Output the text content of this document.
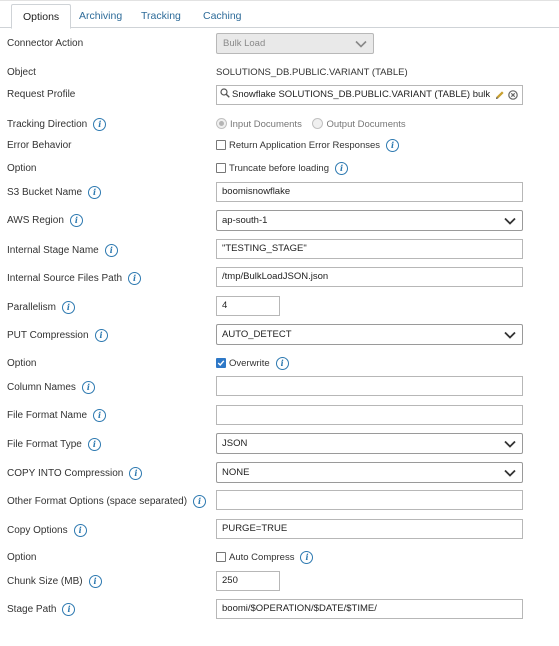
Options	Archiving	Tracking	Caching
Connector Action	Bulk Load
Object	SOLUTIONS_DB.PUBLIC.VARIANT (TABLE)
Request Profile	Snowflake SOLUTIONS_DB.PUBLIC.VARIANT (TABLE) bulk
Tracking Direction i	Input Documents	Output Documents
Error Behavior	Return Application Error Responses i
Option	Truncate before loading i
S3 Bucket Name i	boomisnowflake
AWS Region i	ap-south-1
Internal Stage Name i	"TESTING_STAGE"
Internal Source Files Path i	/tmp/BulkLoadJSON.json
Parallelism i	4
PUT Compression i	AUTO_DETECT
Option	Overwrite i
Column Names i
File Format Name i
File Format Type i	JSON
COPY INTO Compression i	NONE
Other Format Options (space separated) i
Copy Options i	PURGE=TRUE
Option	Auto Compress i
Chunk Size (MB) i	250
Stage Path i	boomi/$OPERATION/$DATE/$TIME/
